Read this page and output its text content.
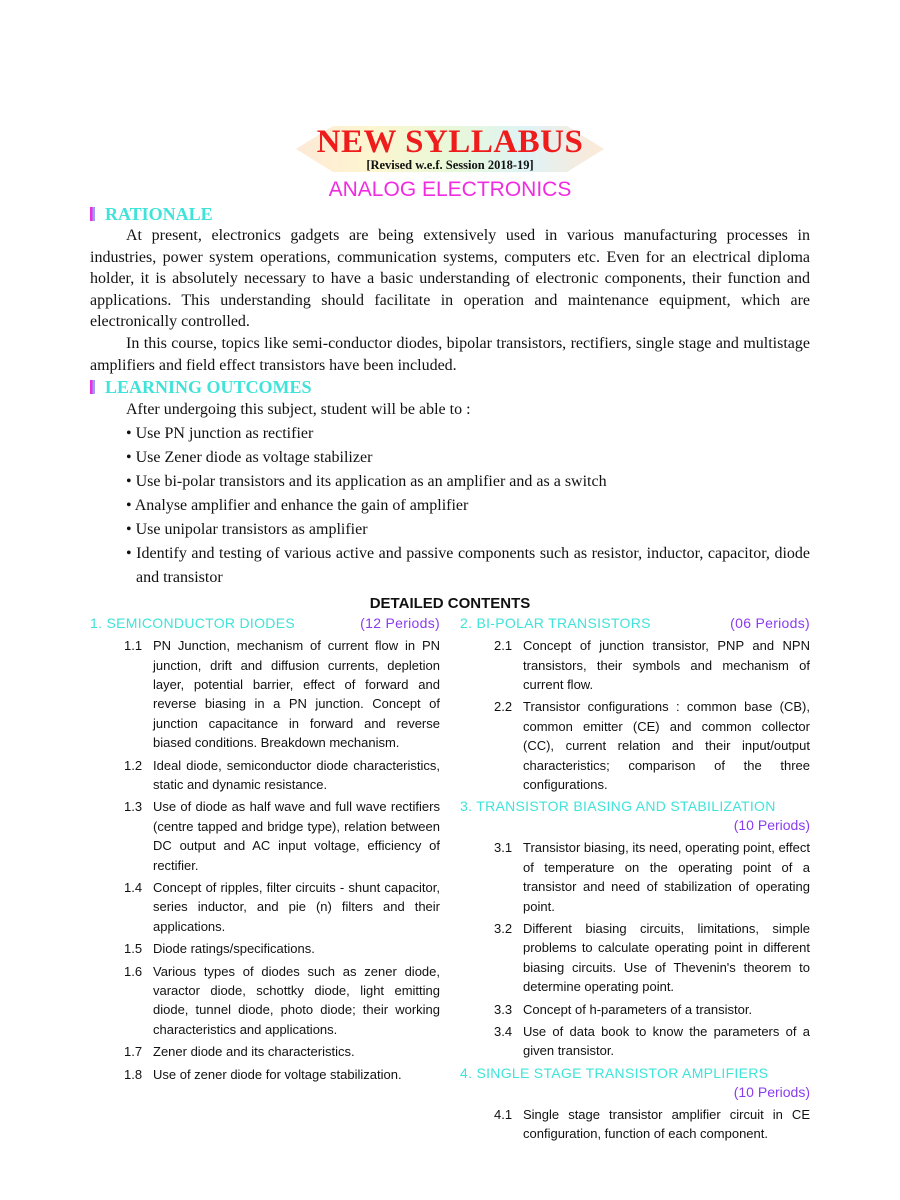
NEW SYLLABUS
[Revised w.e.f. Session 2018-19]
ANALOG ELECTRONICS
RATIONALE

At present, electronics gadgets are being extensively used in various manufacturing processes in industries, power system operations, communication systems, computers etc. Even for an electrical diploma holder, it is absolutely necessary to have a basic understanding of electronic components, their function and applications. This understanding should facilitate in operation and maintenance equipment, which are electronically controlled.

In this course, topics like semi-conductor diodes, bipolar transistors, rectifiers, single stage and multistage amplifiers and field effect transistors have been included.

LEARNING OUTCOMES
After undergoing this subject, student will be able to :
• Use PN junction as rectifier
• Use Zener diode as voltage stabilizer
• Use bi-polar transistors and its application as an amplifier and as a switch
• Analyse amplifier and enhance the gain of amplifier
• Use unipolar transistors as amplifier
• Identify and testing of various active and passive components such as resistor, inductor, capacitor, diode and transistor
DETAILED CONTENTS
1. SEMICONDUCTOR DIODES	(12 Periods)
1.1 PN Junction, mechanism of current flow in PN junction, drift and diffusion currents, depletion layer, potential barrier, effect of forward and reverse biasing in a PN junction. Concept of junction capacitance in forward and reverse biased conditions. Breakdown mechanism.
1.2 Ideal diode, semiconductor diode characteristics, static and dynamic resistance.
1.3 Use of diode as half wave and full wave rectifiers (centre tapped and bridge type), relation between DC output and AC input voltage, efficiency of rectifier.
1.4 Concept of ripples, filter circuits - shunt capacitor, series inductor, and pie (n) filters and their applications.
1.5 Diode ratings/specifications.
1.6 Various types of diodes such as zener diode, varactor diode, schottky diode, light emitting diode, tunnel diode, photo diode; their working characteristics and applications.
1.7 Zener diode and its characteristics.
1.8 Use of zener diode for voltage stabilization.
2. BI-POLAR TRANSISTORS	(06 Periods)
2.1 Concept of junction transistor, PNP and NPN transistors, their symbols and mechanism of current flow.
2.2 Transistor configurations : common base (CB), common emitter (CE) and common collector (CC), current relation and their input/output characteristics; comparison of the three configurations.
3. TRANSISTOR BIASING AND STABILIZATION
(10 Periods)
3.1 Transistor biasing, its need, operating point, effect of temperature on the operating point of a transistor and need of stabilization of operating point.
3.2 Different biasing circuits, limitations, simple problems to calculate operating point in different biasing circuits. Use of Thevenin's theorem to determine operating point.
3.3 Concept of h-parameters of a transistor.
3.4 Use of data book to know the parameters of a given transistor.
4. SINGLE STAGE TRANSISTOR AMPLIFIERS
(10 Periods)
4.1 Single stage transistor amplifier circuit in CE configuration, function of each component.
